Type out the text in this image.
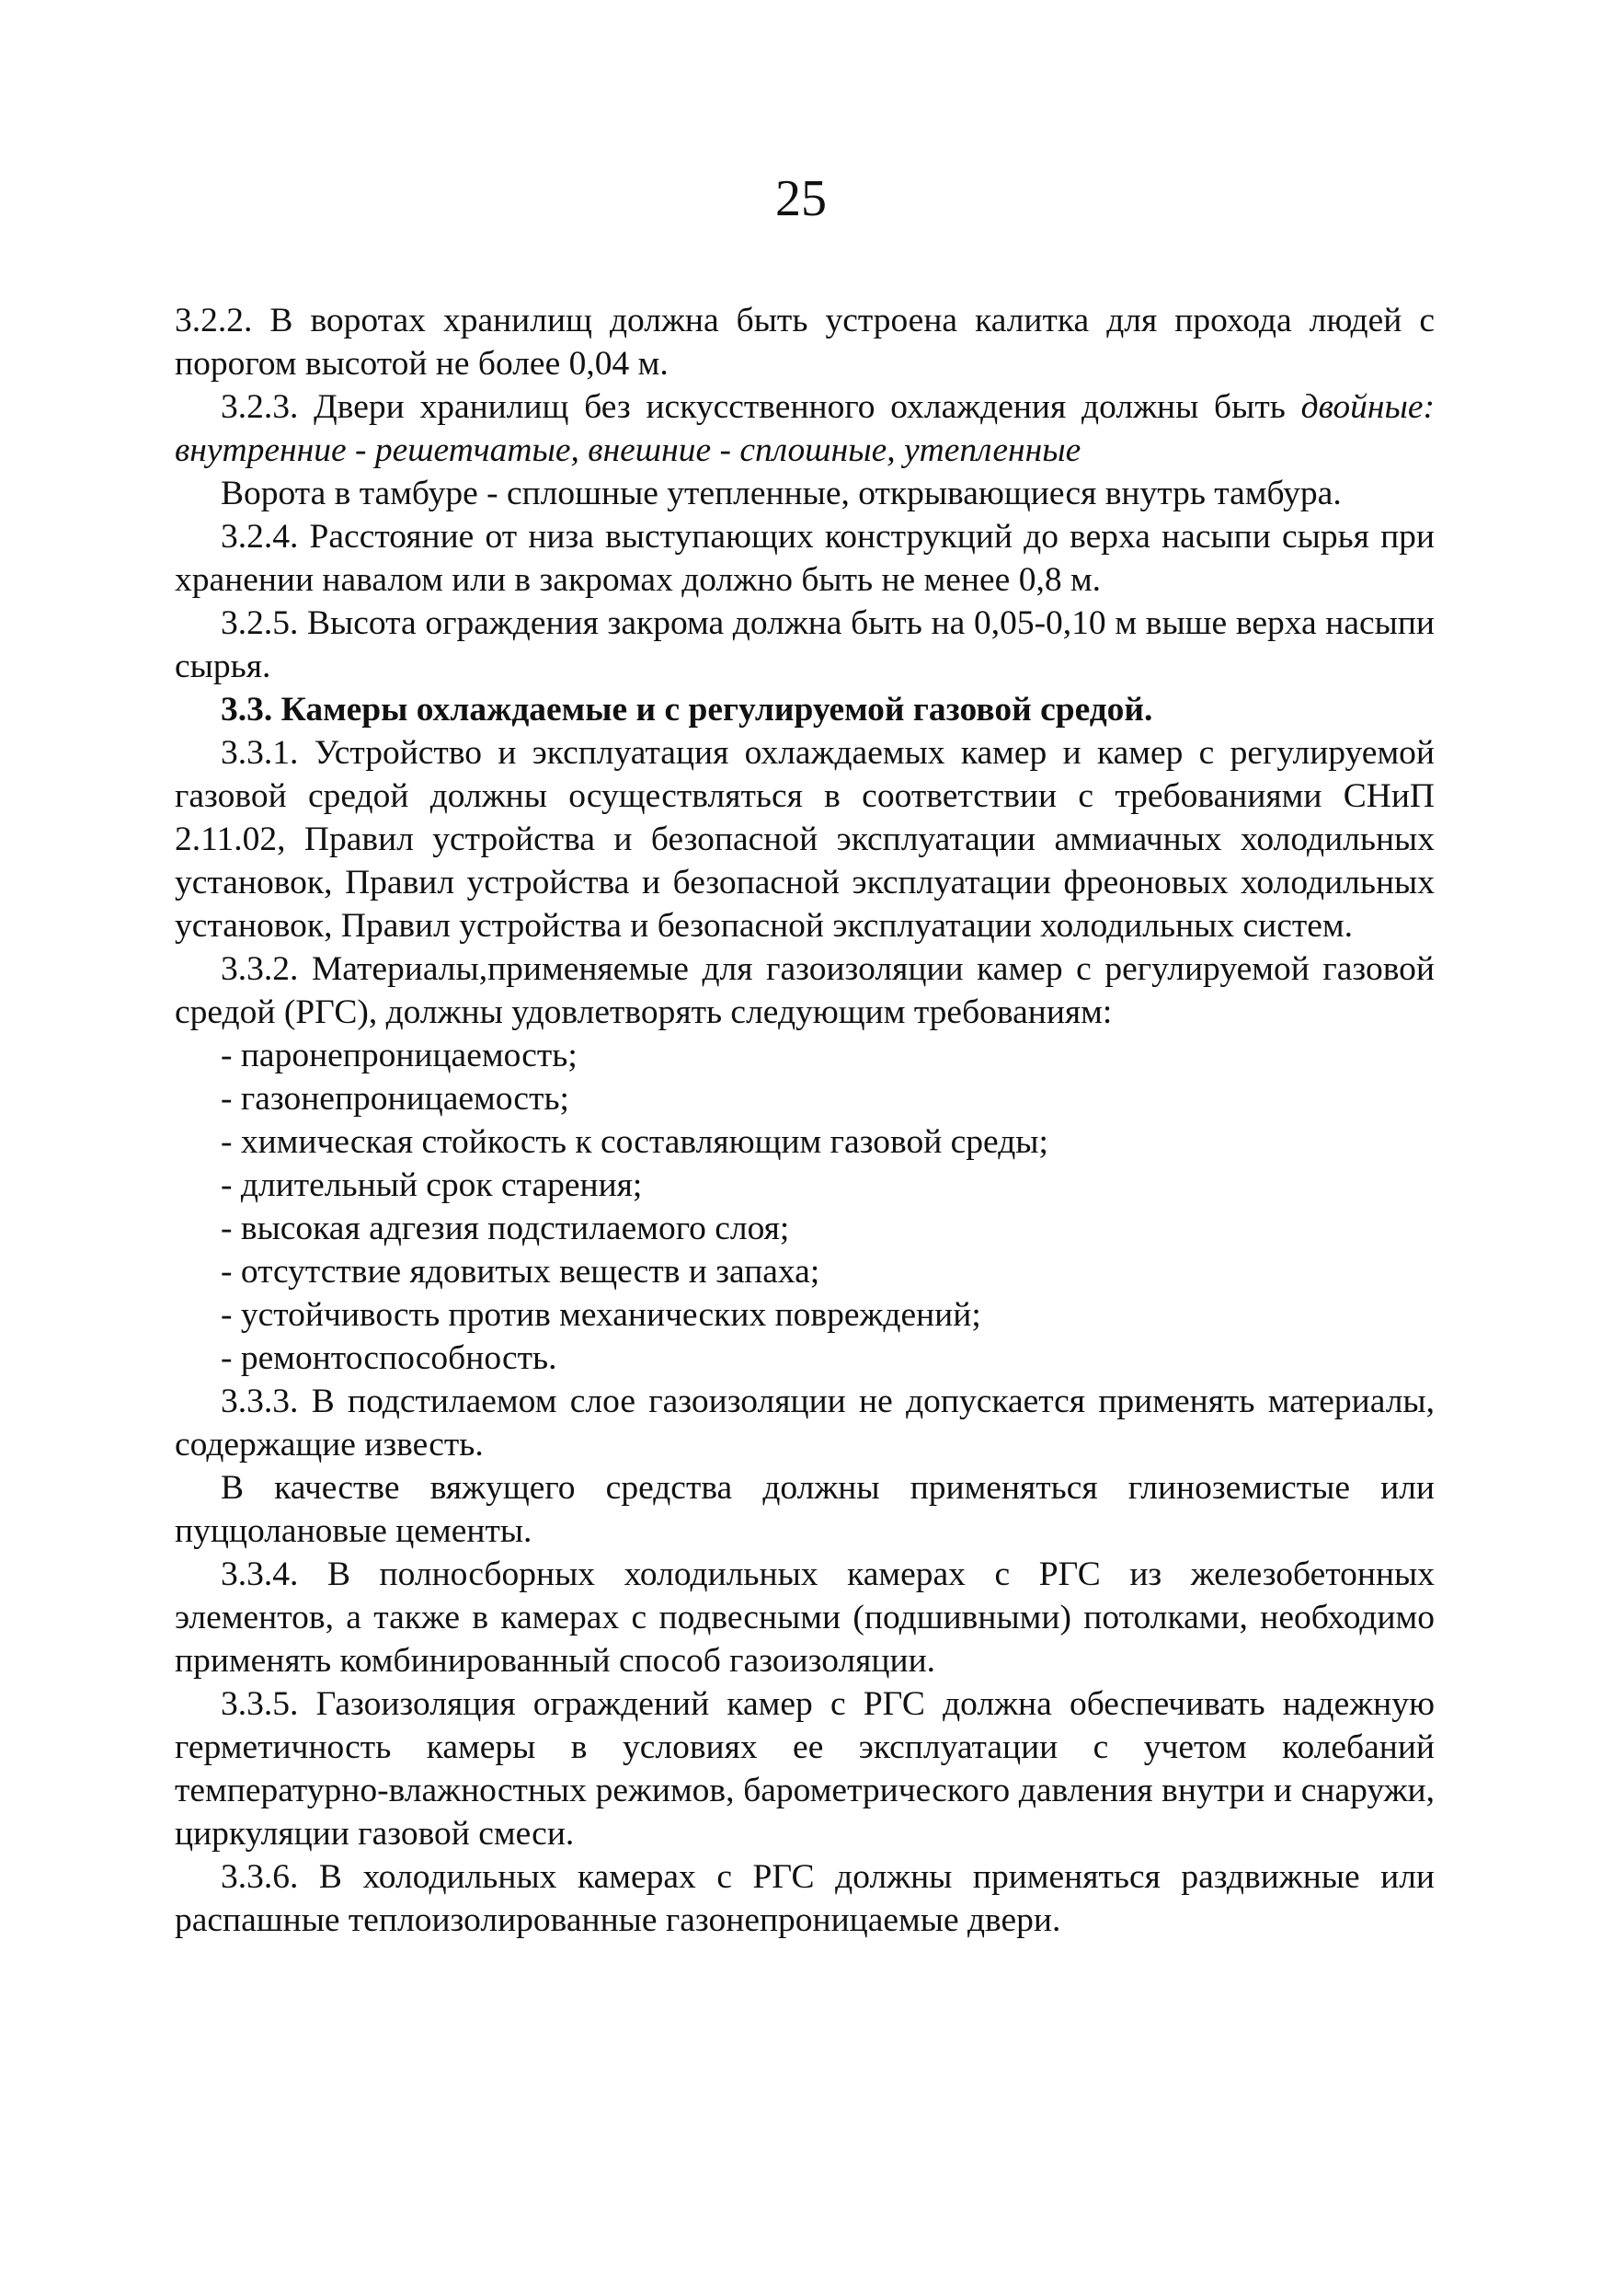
25

3.2.2. В воротах хранилищ должна быть устроена калитка для прохода людей с порогом высотой не более 0,04 м.

3.2.3. Двери хранилищ без искусственного охлаждения должны быть двойные: внутренние - решетчатые, внешние - сплошные, утепленные

Ворота в тамбуре - сплошные утепленные, открывающиеся внутрь тамбура.

3.2.4. Расстояние от низа выступающих конструкций до верха насыпи сырья при хранении навалом или в закромах должно быть не менее 0,8 м.

3.2.5. Высота ограждения закрома должна быть на 0,05-0,10 м выше верха насыпи сырья.

3.3. Камеры охлаждаемые и с регулируемой газовой средой.

3.3.1. Устройство и эксплуатация охлаждаемых камер и камер с регулируемой газовой средой должны осуществляться в соответствии с требованиями СНиП 2.11.02, Правил устройства и безопасной эксплуатации аммиачных холодильных установок, Правил устройства и безопасной эксплуатации фреоновых холодильных установок, Правил устройства и безопасной эксплуатации холодильных систем.

3.3.2. Материалы,применяемые для газоизоляции камер с регулируемой газовой средой (РГС), должны удовлетворять следующим требованиям:

- паронепроницаемость;

- газонепроницаемость;

- химическая стойкость к составляющим газовой среды;

- длительный срок старения;

- высокая адгезия подстилаемого слоя;

- отсутствие ядовитых веществ и запаха;

- устойчивость против механических повреждений;

- ремонтоспособность.

3.3.3. В подстилаемом слое газоизоляции не допускается применять материалы, содержащие известь.

В качестве вяжущего средства должны применяться глиноземистые или пуццолановые цементы.

3.3.4. В полносборных холодильных камерах с РГС из железобетонных элементов, а также в камерах с подвесными (подшивными) потолками, необходимо применять комбинированный способ газоизоляции.

3.3.5. Газоизоляция ограждений камер с РГС должна обеспечивать надежную герметичность камеры в условиях ее эксплуатации с учетом колебаний температурно-влажностных режимов, барометрического давления внутри и снаружи, циркуляции газовой смеси.

3.3.6. В холодильных камерах с РГС должны применяться раздвижные или распашные теплоизолированные газонепроницаемые двери.
